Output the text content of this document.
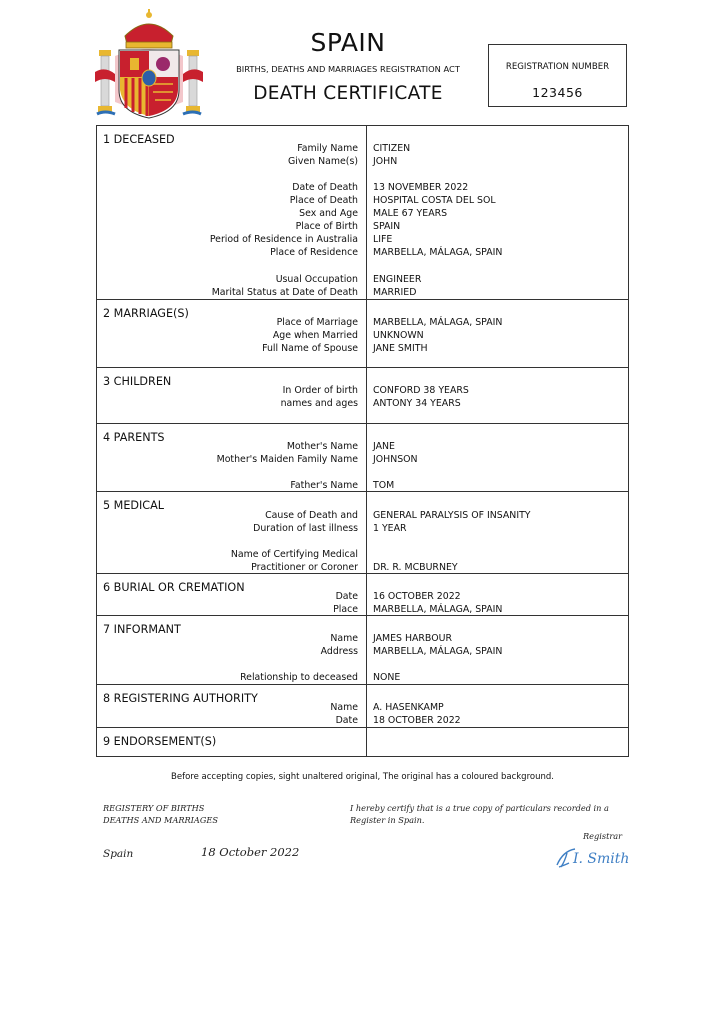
SPAIN
BIRTHS, DEATHS AND MARRIAGES REGISTRATION ACT
DEATH CERTIFICATE
REGISTRATION NUMBER
123456
1 DECEASED
Family Name CITIZEN
Given Name(s) JOHN
Date of Death 13 NOVEMBER 2022
Place of Death HOSPITAL COSTA DEL SOL
Sex and Age MALE 67 YEARS
Place of Birth SPAIN
Period of Residence in Australia LIFE
Place of Residence MARBELLA, MÁLAGA, SPAIN
Usual Occupation ENGINEER
Marital Status at Date of Death MARRIED
2 MARRIAGE(S)
Place of Marriage MARBELLA, MÁLAGA, SPAIN
Age when Married UNKNOWN
Full Name of Spouse JANE SMITH
3 CHILDREN
In Order of birth CONFORD 38 YEARS
names and ages ANTONY 34 YEARS
4 PARENTS
Mother's Name JANE
Mother's Maiden Family Name JOHNSON
Father's Name TOM
5 MEDICAL
Cause of Death and GENERAL PARALYSIS OF INSANITY
Duration of last illness 1 YEAR
Name of Certifying Medical
Practitioner or Coroner DR. R. MCBURNEY
6 BURIAL OR CREMATION
Date 16 OCTOBER 2022
Place MARBELLA, MÁLAGA, SPAIN
7 INFORMANT
Name JAMES HARBOUR
Address MARBELLA, MÁLAGA, SPAIN
Relationship to deceased NONE
8 REGISTERING AUTHORITY
Name A. HASENKAMP
Date 18 OCTOBER 2022
9 ENDORSEMENT(S)
Before accepting copies, sight unaltered original, The original has a coloured background.
REGISTERY OF BIRTHS
DEATHS AND MARRIAGES
I hereby certify that is a true copy of particulars recorded in a
Register in Spain.
Registrar
Spain	18 October 2022	I. Smith
